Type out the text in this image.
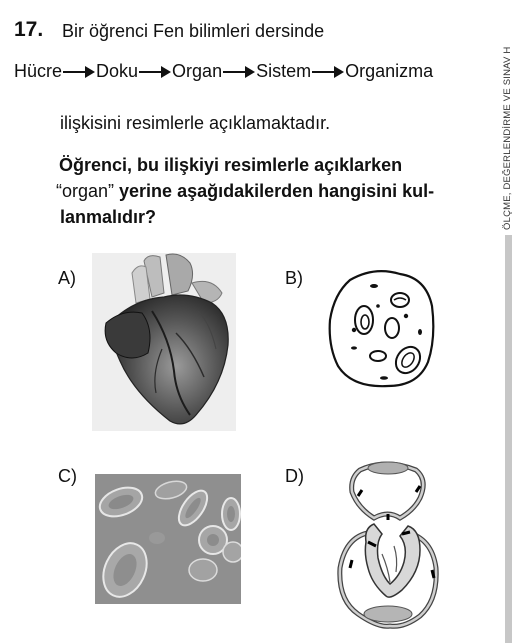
17. Bir öğrenci Fen bilimleri dersinde
Hücre Doku Organ Sistem Organizma
ilişkisini resimlerle açıklamaktadır.
Öğrenci, bu ilişkiyi resimlerle açıklarken
“organ” yerine aşağıdakilerden hangisini kul-
lanmalıdır?
A)	B)
C)	D)
ÖLÇME, DEĞERLENDİRME VE SINAV H
